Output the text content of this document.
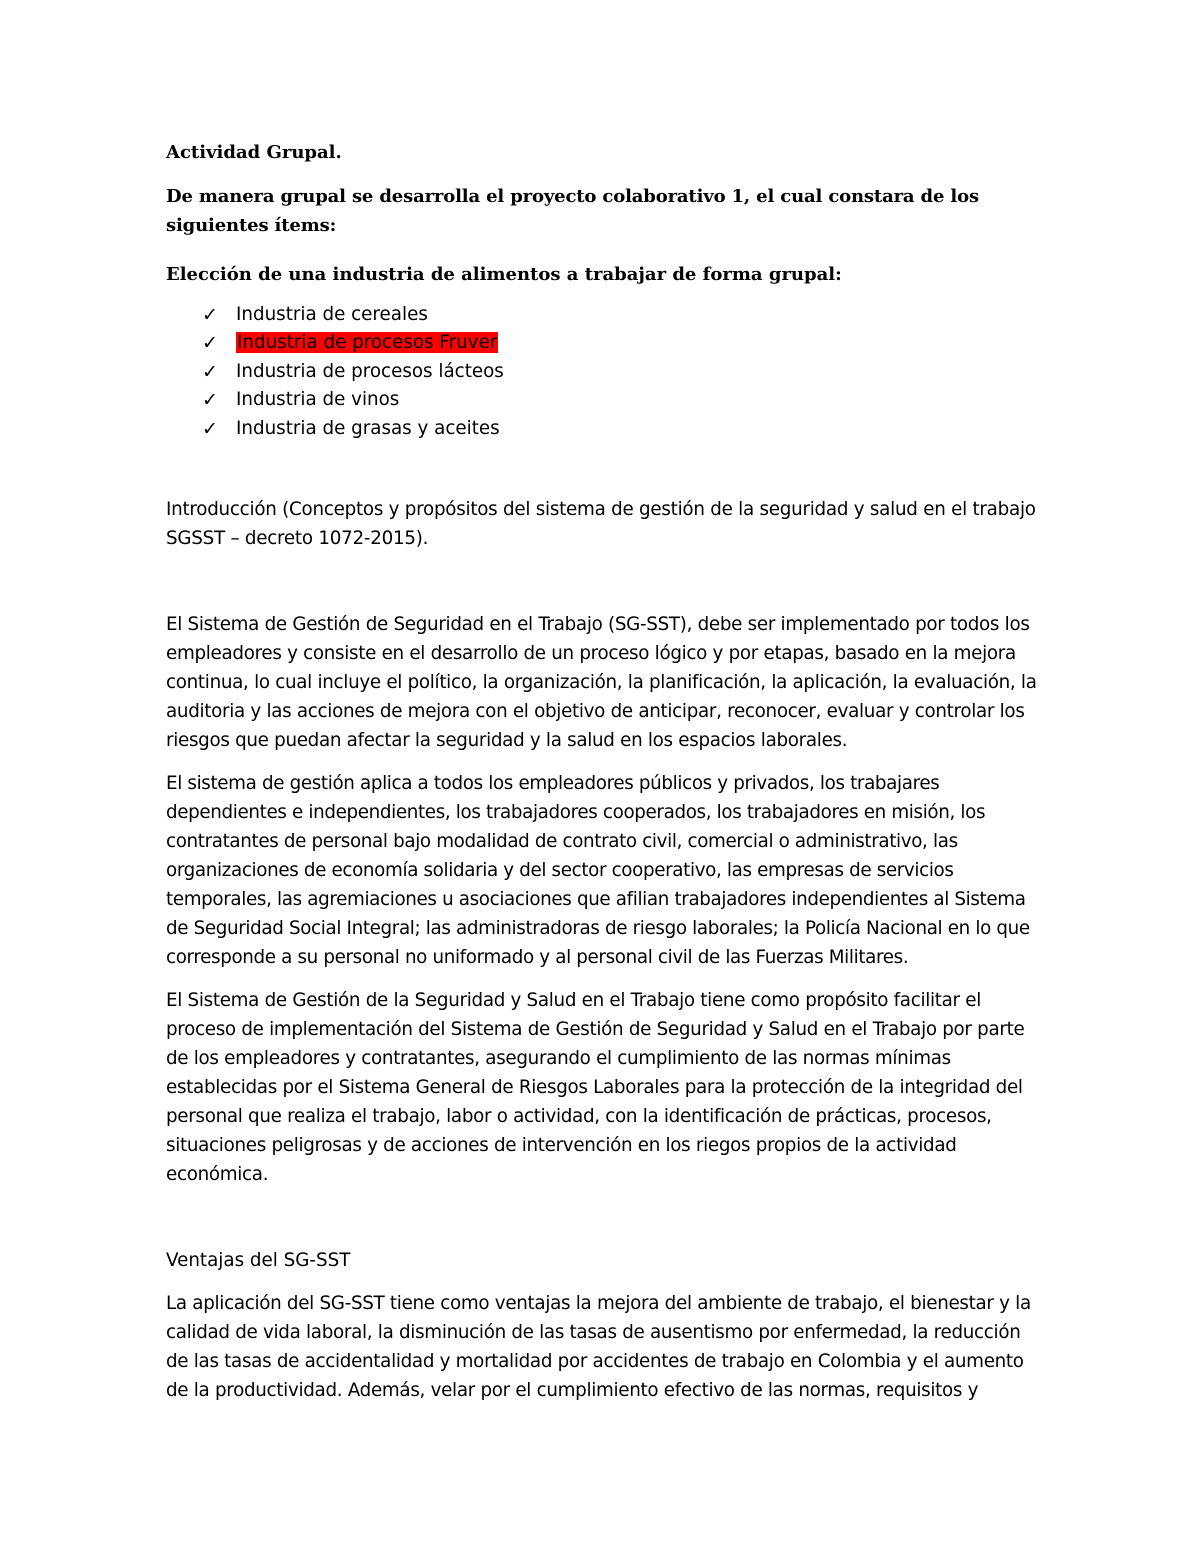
Actividad Grupal.

De manera grupal se desarrolla el proyecto colaborativo 1, el cual constara de los siguientes ítems:

Elección de una industria de alimentos a trabajar de forma grupal:

✓ Industria de cereales
✓ Industria de procesos Fruver
✓ Industria de procesos lácteos
✓ Industria de vinos
✓ Industria de grasas y aceites

Introducción (Conceptos y propósitos del sistema de gestión de la seguridad y salud en el trabajo SGSST – decreto 1072-2015).

El Sistema de Gestión de Seguridad en el Trabajo (SG-SST), debe ser implementado por todos los empleadores y consiste en el desarrollo de un proceso lógico y por etapas, basado en la mejora continua, lo cual incluye el político, la organización, la planificación, la aplicación, la evaluación, la auditoria y las acciones de mejora con el objetivo de anticipar, reconocer, evaluar y controlar los riesgos que puedan afectar la seguridad y la salud en los espacios laborales.

El sistema de gestión aplica a todos los empleadores públicos y privados, los trabajares dependientes e independientes, los trabajadores cooperados, los trabajadores en misión, los contratantes de personal bajo modalidad de contrato civil, comercial o administrativo, las organizaciones de economía solidaria y del sector cooperativo, las empresas de servicios temporales, las agremiaciones u asociaciones que afilian trabajadores independientes al Sistema de Seguridad Social Integral; las administradoras de riesgo laborales; la Policía Nacional en lo que corresponde a su personal no uniformado y al personal civil de las Fuerzas Militares.

El Sistema de Gestión de la Seguridad y Salud en el Trabajo tiene como propósito facilitar el proceso de implementación del Sistema de Gestión de Seguridad y Salud en el Trabajo por parte de los empleadores y contratantes, asegurando el cumplimiento de las normas mínimas establecidas por el Sistema General de Riesgos Laborales para la protección de la integridad del personal que realiza el trabajo, labor o actividad, con la identificación de prácticas, procesos, situaciones peligrosas y de acciones de intervención en los riegos propios de la actividad económica.

Ventajas del SG-SST

La aplicación del SG-SST tiene como ventajas la mejora del ambiente de trabajo, el bienestar y la calidad de vida laboral, la disminución de las tasas de ausentismo por enfermedad, la reducción de las tasas de accidentalidad y mortalidad por accidentes de trabajo en Colombia y el aumento de la productividad. Además, velar por el cumplimiento efectivo de las normas, requisitos y
